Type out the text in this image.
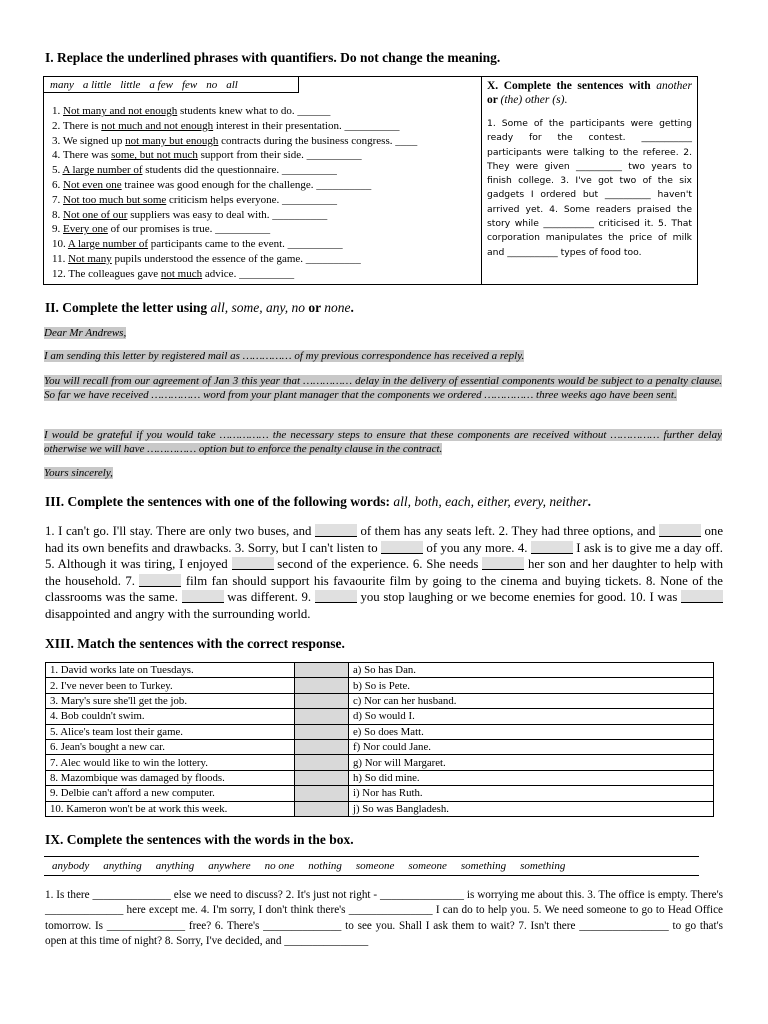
I. Replace the underlined phrases with quantifiers. Do not change the meaning.
many a little little a few few no all
1. Not many and not enough students knew what to do. ______
2. There is not much and not enough interest in their presentation. __________
3. We signed up not many but enough contracts during the business congress. ____
4. There was some, but not much support from their side. __________
5. A large number of students did the questionnaire. __________
6. Not even one trainee was good enough for the challenge. __________
7. Not too much but some criticism helps everyone. __________
8. Not one of our suppliers was easy to deal with. __________
9. Every one of our promises is true. __________
10. A large number of participants came to the event. __________
11. Not many pupils understood the essence of the game. __________
12. The colleagues gave not much advice. __________
X. Complete the sentences with another or (the) other (s).
1. Some of the participants were getting ready for the contest. ___________ participants were talking to the referee. 2. They were given __________ two years to finish college. 3. I've got two of the six gadgets I ordered but __________ haven't arrived yet. 4. Some readers praised the story while ___________ criticised it. 5. That corporation manipulates the price of milk and ___________ types of food too.
II. Complete the letter using all, some, any, no or none.
Dear Mr Andrews,
I am sending this letter by registered mail as …………… of my previous correspondence has received a reply.
You will recall from our agreement of Jan 3 this year that …………… delay in the delivery of essential components would be subject to a penalty clause. So far we have received …………… word from your plant manager that the components we ordered …………… three weeks ago have been sent.
I would be grateful if you would take …………… the necessary steps to ensure that these components are received without …………… further delay otherwise we will have …………… option but to enforce the penalty clause in the contract.
Yours sincerely,
III. Complete the sentences with one of the following words: all, both, each, either, every, neither.
1. I can't go. I'll stay. There are only two buses, and	of them has any seats left. 2. They had three options, and	one had its own benefits and drawbacks. 3. Sorry, but I can't listen to	of you any more. 4.	I ask is to give me a day off. 5. Although it was tiring, I enjoyed	second of the experience. 6. She needs	her son and her daughter to help with the household. 7.	film fan should support his favaourite film by going to the cinema and buying tickets. 8. None of the classrooms was the same.	was different. 9.	you stop laughing or we become enemies for good. 10. I was  disappointed and angry with the surrounding world.
XIII. Match the sentences with the correct response.
1. David works late on Tuesdays.		a) So has Dan.
2. I've never been to Turkey.		b) So is Pete.
3. Mary's sure she'll get the job.		c) Nor can her husband.
4. Bob couldn't swim.		d) So would I.
5. Alice's team lost their game.		e) So does Matt.
6. Jean's bought a new car.		f) Nor could Jane.
7. Alec would like to win the lottery.		g) Nor will Margaret.
8. Mazombique was damaged by floods.		h) So did mine.
9. Delbie can't afford a new computer.		i) Nor has Ruth.
10. Kameron won't be at work this week.		j) So was Bangladesh.
IX. Complete the sentences with the words in the box.
anybody anything anything anywhere no one nothing someone someone something something
1. Is there ______________ else we need to discuss? 2. It's just not right - _______________ is worrying me about this. 3. The office is empty. There's ______________ here except me. 4. I'm sorry, I don't think there's _______________ I can do to help you. 5. We need someone to go to Head Office tomorrow. Is ______________ free? 6. There's ______________ to see you. Shall I ask them to wait? 7. Isn't there ________________ to go that's open at this time of night? 8. Sorry, I've decided, and _______________
